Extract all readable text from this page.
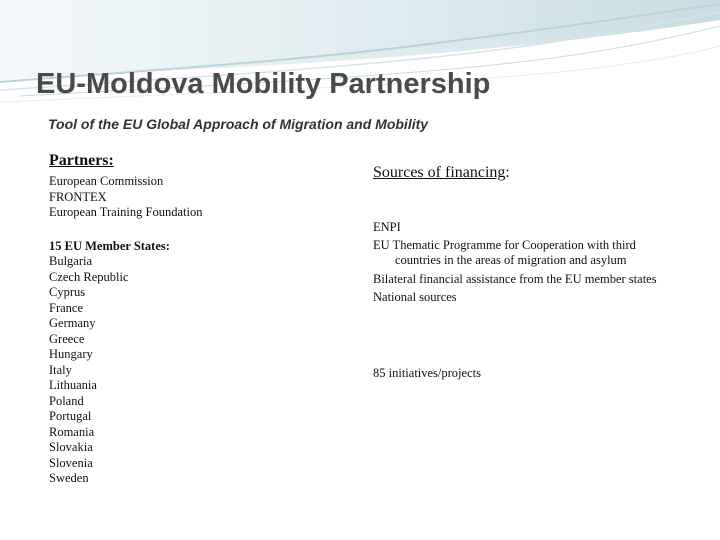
EU-Moldova Mobility Partnership
Tool of the EU Global Approach of Migration and Mobility
Partners:
European Commission
FRONTEX
European Training Foundation
15 EU Member States:
Bulgaria
Czech Republic
Cyprus
France
Germany
Greece
Hungary
Italy
Lithuania
Poland
Portugal
Romania
Slovakia
Slovenia
Sweden
Sources of financing:
ENPI
EU Thematic Programme for Cooperation with third
countries in the areas of migration and asylum
Bilateral financial assistance from the EU member states
National sources
85 initiatives/projects
